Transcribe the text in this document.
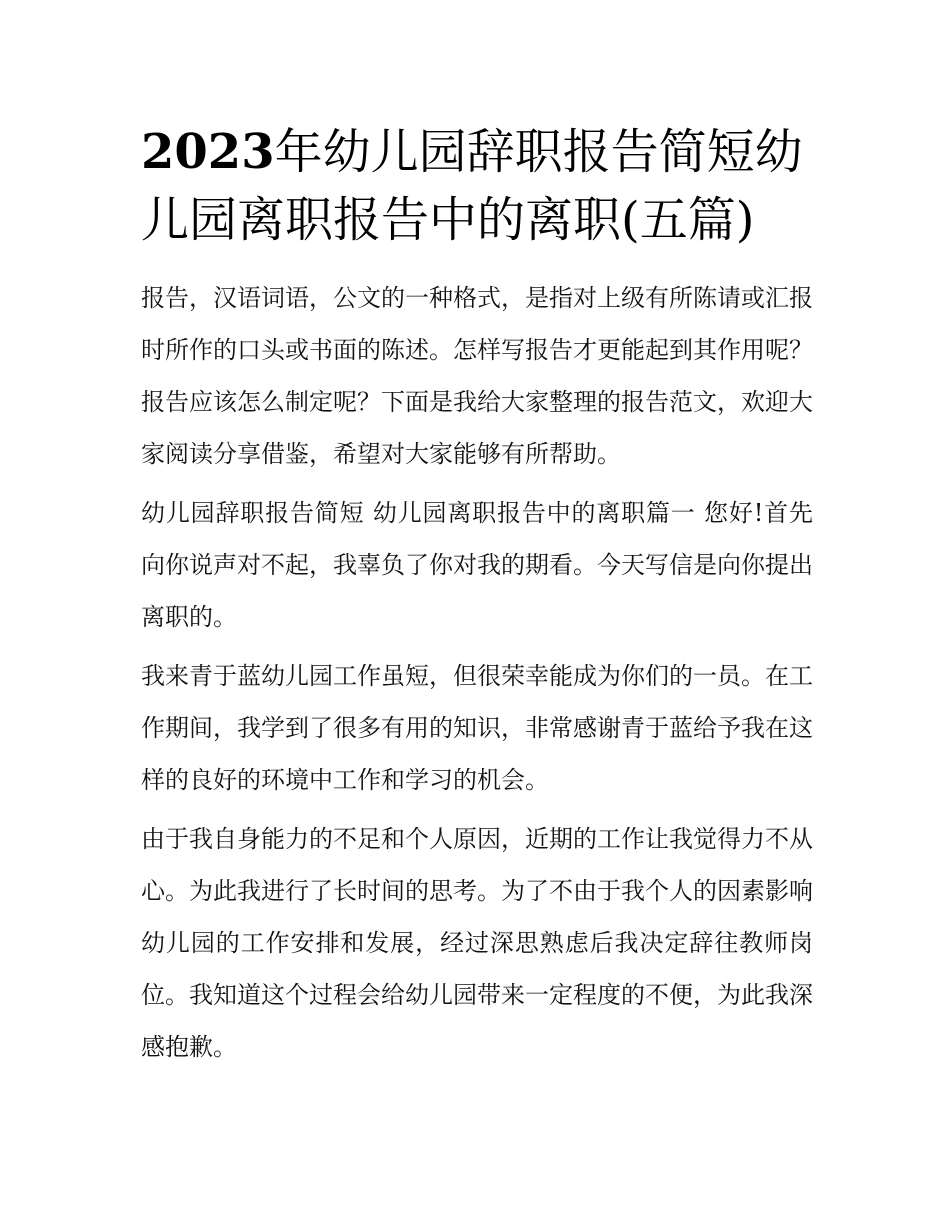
2023年幼儿园辞职报告简短幼儿园离职报告中的离职(五篇)

报告，汉语词语，公文的一种格式，是指对上级有所陈请或汇报时所作的口头或书面的陈述。怎样写报告才更能起到其作用呢？报告应该怎么制定呢？下面是我给大家整理的报告范文，欢迎大家阅读分享借鉴，希望对大家能够有所帮助。

幼儿园辞职报告简短 幼儿园离职报告中的离职篇一 您好!首先向你说声对不起，我辜负了你对我的期看。今天写信是向你提出离职的。

我来青于蓝幼儿园工作虽短，但很荣幸能成为你们的一员。在工作期间，我学到了很多有用的知识，非常感谢青于蓝给予我在这样的良好的环境中工作和学习的机会。

由于我自身能力的不足和个人原因，近期的工作让我觉得力不从心。为此我进行了长时间的思考。为了不由于我个人的因素影响幼儿园的工作安排和发展，经过深思熟虑后我决定辞往教师岗位。我知道这个过程会给幼儿园带来一定程度的不便，为此我深感抱歉。
